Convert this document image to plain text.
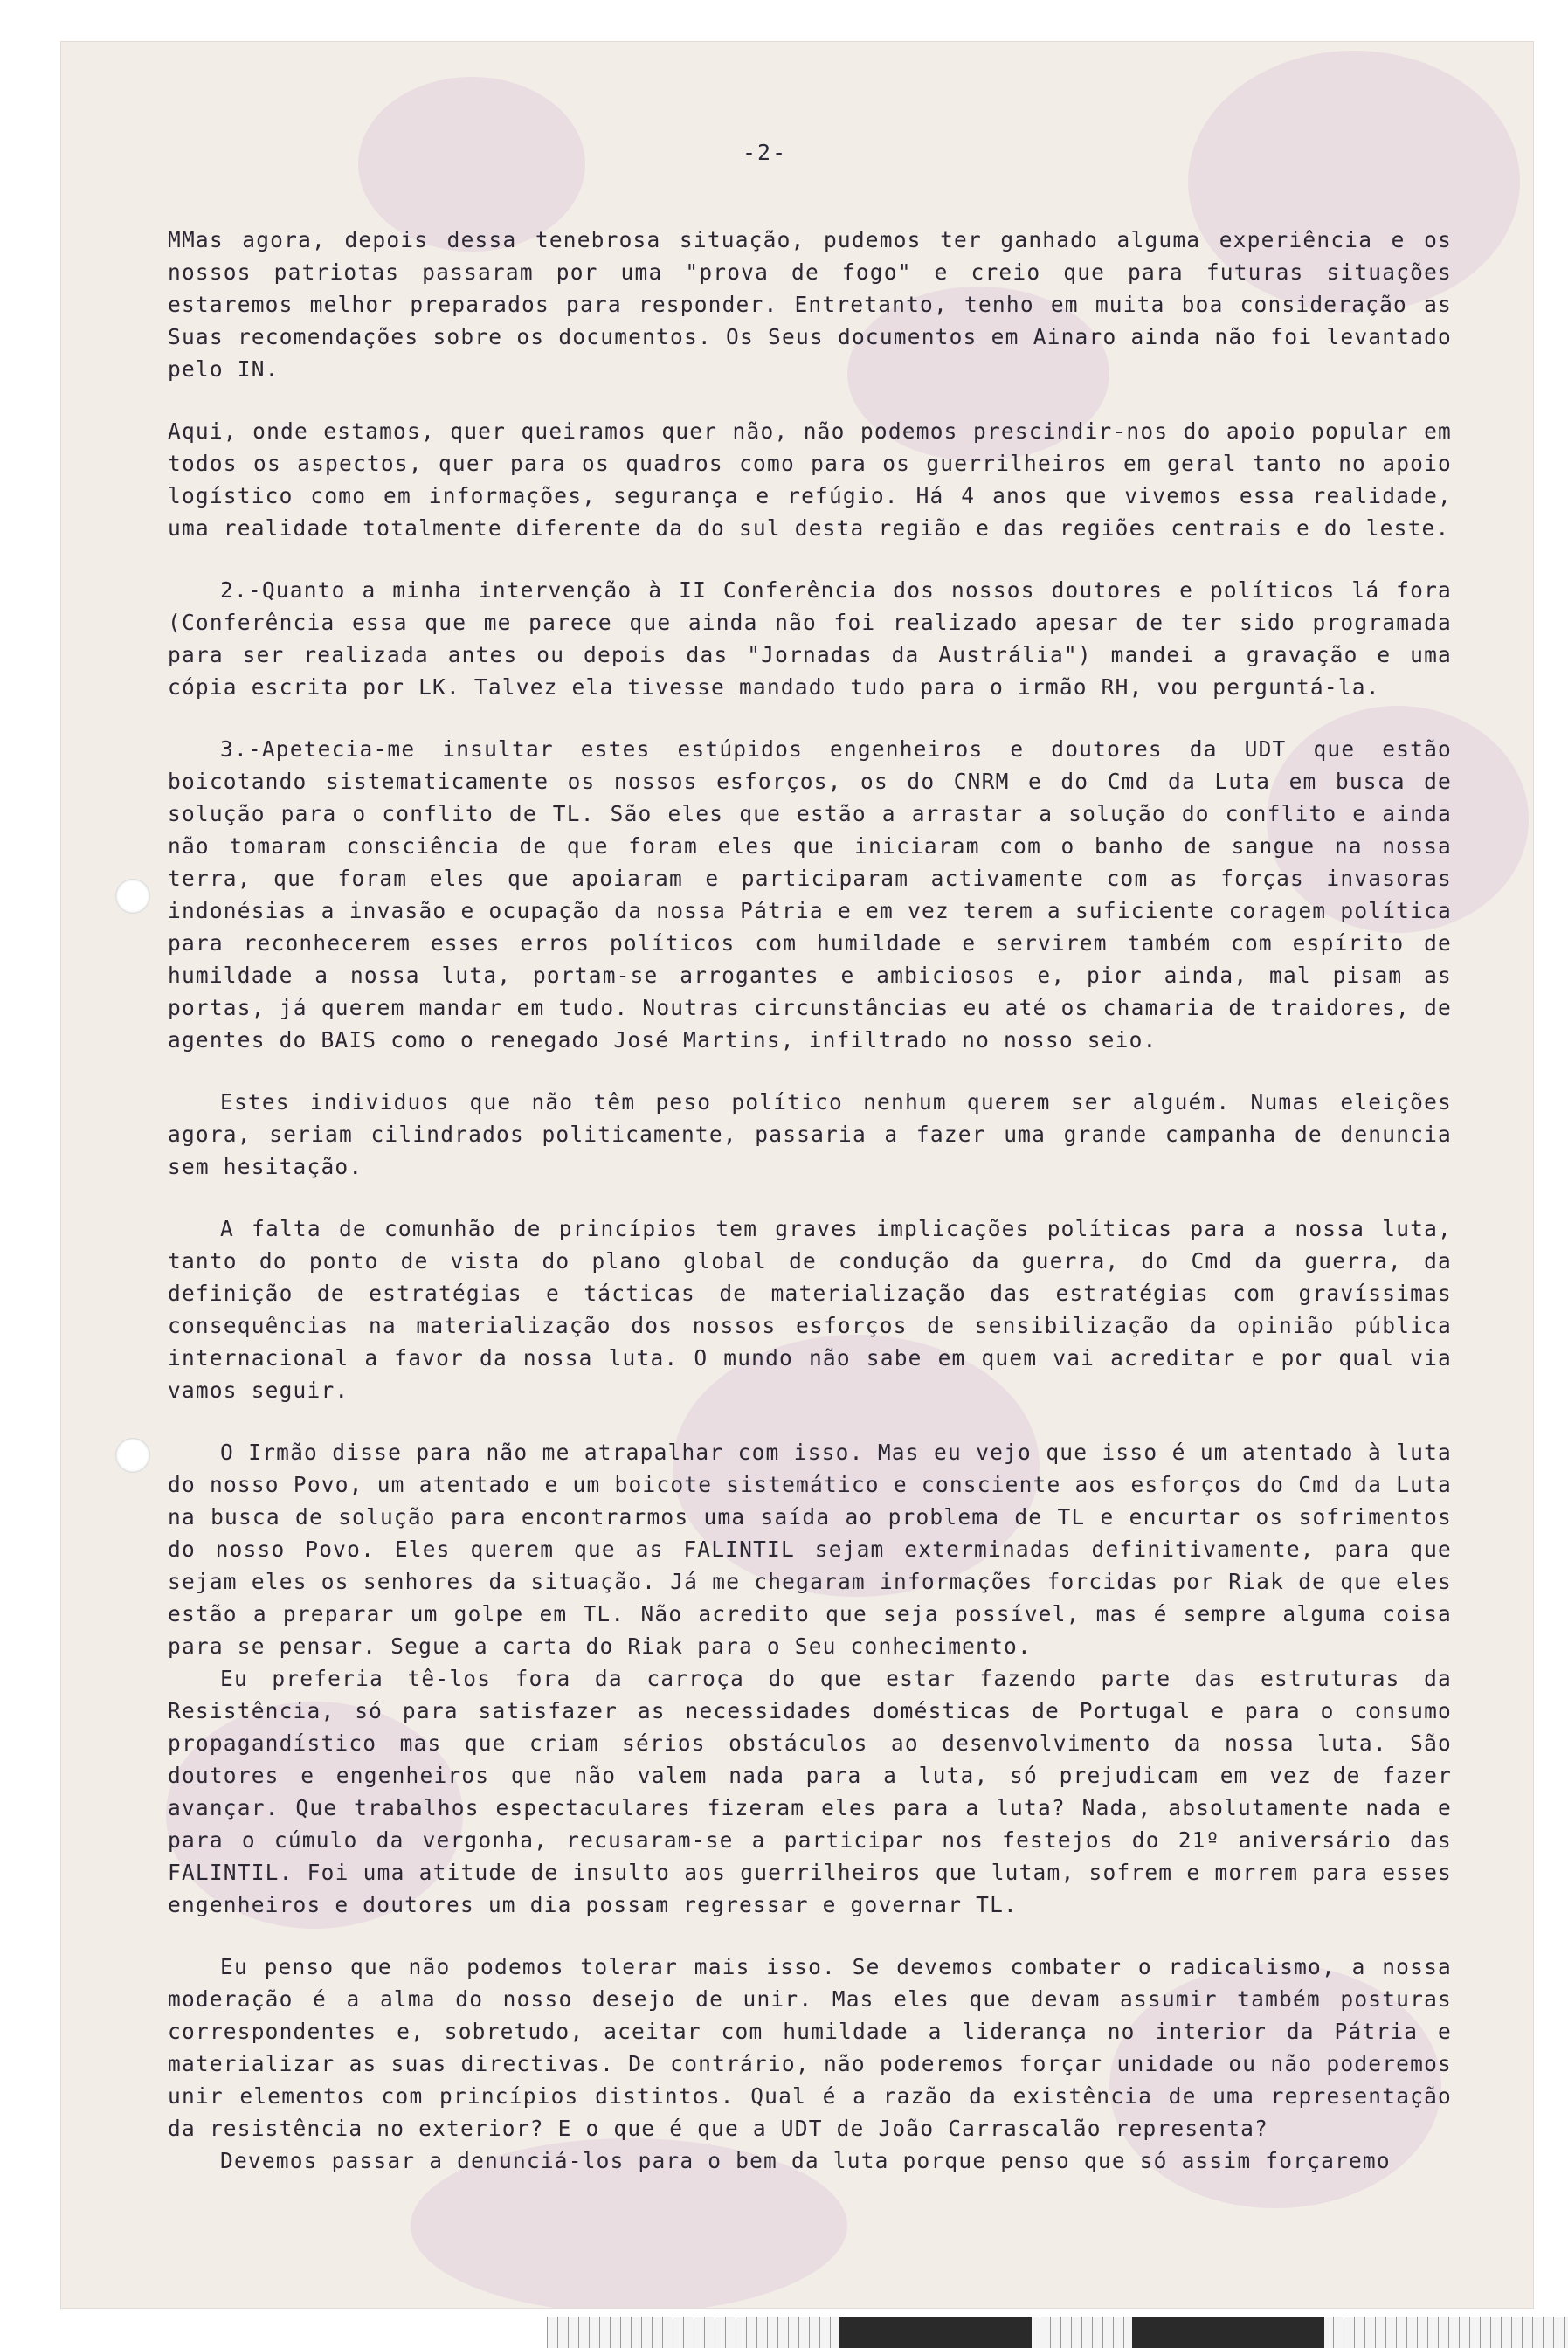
-2-

MMas agora, depois dessa tenebrosa situação, pudemos ter ganhado alguma experiência e os nossos patriotas passaram por uma "prova de fogo" e creio que para futuras situações estaremos melhor preparados para responder. Entretanto, tenho em muita boa consideração as Suas recomendações sobre os documentos. Os Seus documentos em Ainaro ainda não foi levantado pelo IN.

Aqui, onde estamos, quer queiramos quer não, não podemos prescindir-nos do apoio popular em todos os aspectos, quer para os quadros como para os guerrilheiros em geral tanto no apoio logístico como em informações, segurança e refúgio. Há 4 anos que vivemos essa realidade, uma realidade totalmente diferente da do sul desta região e das regiões centrais e do leste.

2.-Quanto a minha intervenção à II Conferência dos nossos doutores e políticos lá fora (Conferência essa que me parece que ainda não foi realizado apesar de ter sido programada para ser realizada antes ou depois das "Jornadas da Austrália") mandei a gravação e uma cópia escrita por LK. Talvez ela tivesse mandado tudo para o irmão RH, vou perguntá-la.

3.-Apetecia-me insultar estes estúpidos engenheiros e doutores da UDT que estão boicotando sistematicamente os nossos esforços, os do CNRM e do Cmd da Luta em busca de solução para o conflito de TL. São eles que estão a arrastar a solução do conflito e ainda não tomaram consciência de que foram eles que iniciaram com o banho de sangue na nossa terra, que foram eles que apoiaram e participaram activamente com as forças invasoras indonésias a invasão e ocupação da nossa Pátria e em vez terem a suficiente coragem política para reconhecerem esses erros políticos com humildade e servirem também com espírito de humildade a nossa luta, portam-se arrogantes e ambiciosos e, pior ainda, mal pisam as portas, já querem mandar em tudo. Noutras circunstâncias eu até os chamaria de traidores, de agentes do BAIS como o renegado José Martins, infiltrado no nosso seio.

Estes individuos que não têm peso político nenhum querem ser alguém. Numas eleições agora, seriam cilindrados politicamente, passaria a fazer uma grande campanha de denuncia sem hesitação.

A falta de comunhão de princípios tem graves implicações políticas para a nossa luta, tanto do ponto de vista do plano global de condução da guerra, do Cmd da guerra, da definição de estratégias e tácticas de materialização das estratégias com gravíssimas consequências na materialização dos nossos esforços de sensibilização da opinião pública internacional a favor da nossa luta. O mundo não sabe em quem vai acreditar e por qual via vamos seguir.

O Irmão disse para não me atrapalhar com isso. Mas eu vejo que isso é um atentado à luta do nosso Povo, um atentado e um boicote sistemático e consciente aos esforços do Cmd da Luta na busca de solução para encontrarmos uma saída ao problema de TL e encurtar os sofrimentos do nosso Povo. Eles querem que as FALINTIL sejam exterminadas definitivamente, para que sejam eles os senhores da situação. Já me chegaram informações forcidas por Riak de que eles estão a preparar um golpe em TL. Não acredito que seja possível, mas é sempre alguma coisa para se pensar. Segue a carta do Riak para o Seu conhecimento.

Eu preferia tê-los fora da carroça do que estar fazendo parte das estruturas da Resistência, só para satisfazer as necessidades domésticas de Portugal e para o consumo propagandístico mas que criam sérios obstáculos ao desenvolvimento da nossa luta. São doutores e engenheiros que não valem nada para a luta, só prejudicam em vez de fazer avançar. Que trabalhos espectaculares fizeram eles para a luta? Nada, absolutamente nada e para o cúmulo da vergonha, recusaram-se a participar nos festejos do 21º aniversário das FALINTIL. Foi uma atitude de insulto aos guerrilheiros que lutam, sofrem e morrem para esses engenheiros e doutores um dia possam regressar e governar TL.

Eu penso que não podemos tolerar mais isso. Se devemos combater o radicalismo, a nossa moderação é a alma do nosso desejo de unir. Mas eles que devam assumir também posturas correspondentes e, sobretudo, aceitar com humildade a liderança no interior da Pátria e materializar as suas directivas. De contrário, não poderemos forçar unidade ou não poderemos unir elementos com princípios distintos. Qual é a razão da existência de uma representação da resistência no exterior? E o que é que a UDT de João Carrascalão representa?

Devemos passar a denunciá-los para o bem da luta porque penso que só assim forçaremo
